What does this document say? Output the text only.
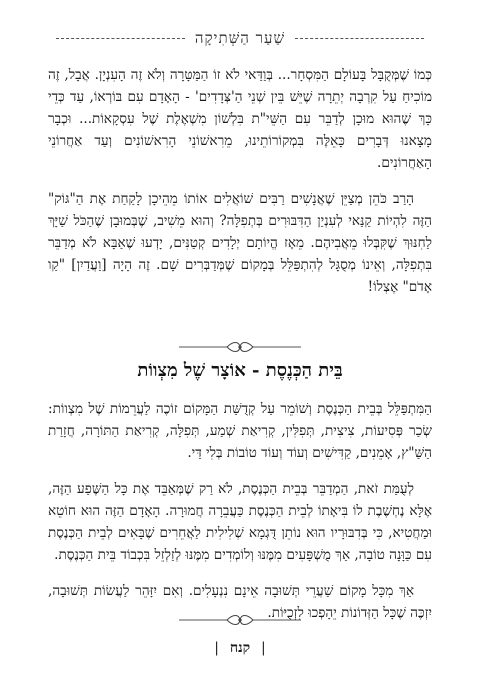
שַׁעַר הַשְּׁתִיקָה

כְּמוֹ שֶׁמְּקֻבָּל בָּעוֹלָם הַמִּסְחָר... בְּוַדַּאי לֹא זוֹ הַמַּטָּרָה וְלֹא זֶה הָעִנְיָן. אֲבָל, זֶה מוֹכִיחַ עַל קִרְבָה יְתֵרָה שֶׁיֵּשׁ בֵּין שְׁנֵי הַ'צְּדָדִים' - הָאָדָם עִם בּוֹרְאוֹ, עַד כְּדֵי כָּךְ שֶׁהוּא מוּכָן לְדַבֵּר עִם הַשֵּׁי"ת בִּלְשׁוֹן מִשְׁאֶלֶת שֶׁל עִסְקָאוֹת... וּכְבָר מָצָאנוּ דְּבָרִים כָּאֵלֶּה בִּמְקוֹרוֹתֵינוּ, מֵרִאשׁוֹנֵי הָרִאשׁוֹנִים וְעַד אַחֲרוֹנֵי הָאַחֲרוֹנִים.

הָרַב כֹּהֵן מְצַיֵּן שֶׁאֲנָשִׁים רַבִּים שׁוֹאֲלִים אוֹתוֹ מֵהֵיכָן לָקַחַת אֶת הַ"גּוֹק" הַזֶּה לִהְיוֹת קַנַּאי לְעִנְיַן הַדִּבּוּרִים בְּתְפִלָּה? וְהוּא מֵשִׁיב, שֶׁבְּמוּבָן שֶׁהַכֹּל שַׁיָּךְ לַחִנּוּךְ שֶׁקִּבְּלוּ מֵאֲבִיהֶם. מֵאָז הֱיוֹתָם יְלָדִים קְטַנִּים, יָדְעוּ שֶׁאַבָּא לֹא מְדַבֵּר בִּתְפִלָּה, וְאֵינוֹ מְסֻגָּל לְהִתְפַּלֵּל בְּמָקוֹם שֶׁמְּדַבְּרִים שָׁם. זֶה הָיָה [וַעֲדַיִן] "קַו אָדֹם" אֶצְלוֹ!

בֵּית הַכְּנֶסֶת - אוֹצָר שֶׁל מִצְווֹת

הַמִּתְפַּלֵּל בְּבֵית הַכְּנֶסֶת וְשׁוֹמֵר עַל קְדֻשַּׁת הַמָּקוֹם זוֹכֶה לַעֲרֵמוֹת שֶׁל מִצְווֹת: שְׂכַר פְּסִיעוֹת, צִיצִית, תְּפִלִּין, קְרִיאַת שְׁמַע, תְּפִלָּה, קְרִיאַת הַתּוֹרָה, חֲזָרַת הַשַּׁ"ץ, אָמֵנִים, קַדִּישִׁים וְעוֹד וְעוֹד טוֹבוֹת בְּלִי דַּי.

לְעֻמַּת זֹאת, הַמְדַבֵּר בְּבֵית הַכְּנֶסֶת, לֹא רַק שֶׁמְּאַבֵּד אֶת כָּל הַשֶּׁפַע הַזֶּה, אֶלָּא נֶחְשֶׁבֶת לוֹ בִּיאָתוֹ לְבֵית הַכְּנֶסֶת כַּעֲבֵרָה חֲמוּרָה. הָאָדָם הַזֶּה הוּא חוֹטֵא וּמַחֲטִיא, כִּי בְּדִבּוּרָיו הוּא נוֹתֵן דֻּגְמָא שְׁלִילִית לַאֲחֵרִים שֶׁבָּאִים לְבֵית הַכְּנֶסֶת עִם כַּוָּנָה טוֹבָה, אַךְ מֻשְׁפָּעִים מִמֶּנּוּ וְלוֹמְדִים מִמֶּנּוּ לְזַלְזֵל בִּכְבוֹד בֵּית הַכְּנֶסֶת.

אַךְ מִכָּל מָקוֹם שַׁעֲרֵי תְּשׁוּבָה אֵינָם נִנְעָלִים. וְאִם יִזָּהֵר לַעֲשׂוֹת תְּשׁוּבָה, יִזְכֶּה שֶׁכָּל הַזְּדוֹנוֹת יֵהָפְכוּ לִזְכֻיּוֹת.

| קנח |
